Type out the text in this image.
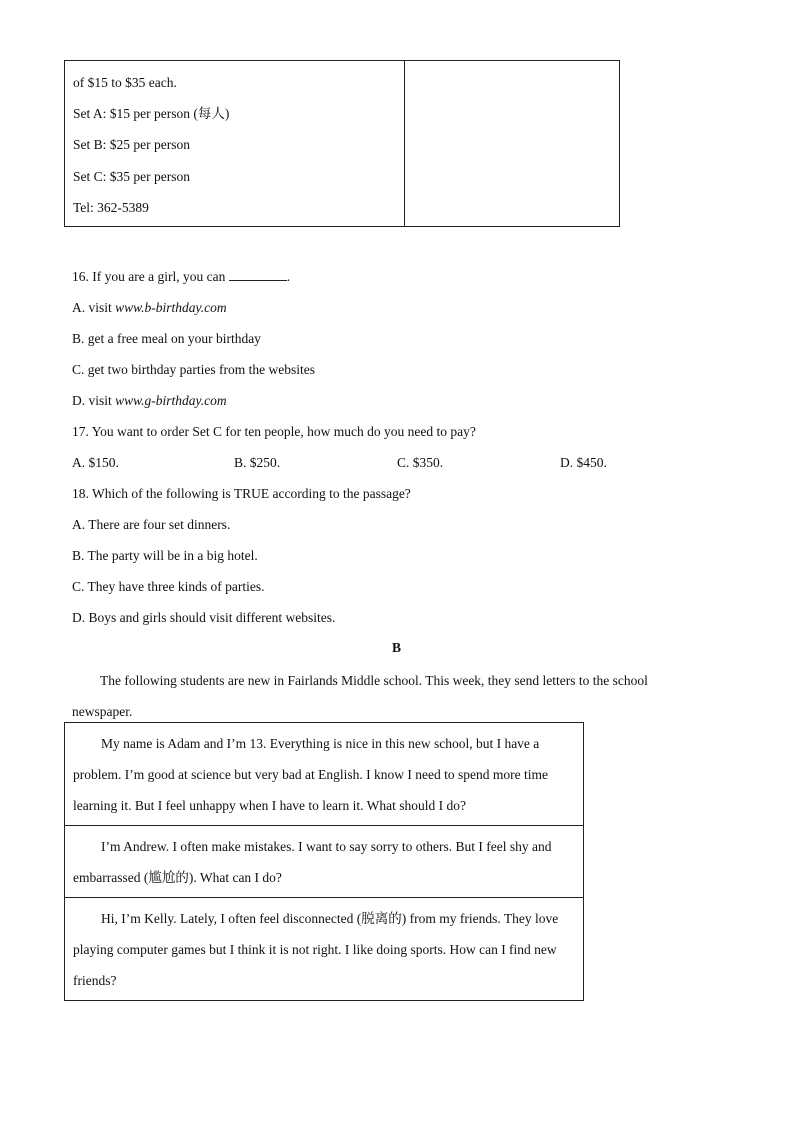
of $15 to $35 each.
Set A: $15 per person (每人)
Set B: $25 per person
Set C: $35 per person
Tel: 362-5389
16. If you are a girl, you can	.
A. visit www.b-birthday.com
B. get a free meal on your birthday
C. get two birthday parties from the websites
D. visit www.g-birthday.com
17. You want to order Set C for ten people, how much do you need to pay?
A. $150.	B. $250.	C. $350.	D. $450.
18. Which of the following is TRUE according to the passage?
A. There are four set dinners.
B. The party will be in a big hotel.
C. They have three kinds of parties.
D. Boys and girls should visit different websites.
B
The following students are new in Fairlands Middle school. This week, they send letters to the school newspaper.
My name is Adam and I’m 13. Everything is nice in this new school, but I have a problem. I’m good at science but very bad at English. I know I need to spend more time learning it. But I feel unhappy when I have to learn it. What should I do?
I’m Andrew. I often make mistakes. I want to say sorry to others. But I feel shy and embarrassed (尴尬的). What can I do?
Hi, I’m Kelly. Lately, I often feel disconnected (脱离的) from my friends. They love playing computer games but I think it is not right. I like doing sports. How can I find new friends?
